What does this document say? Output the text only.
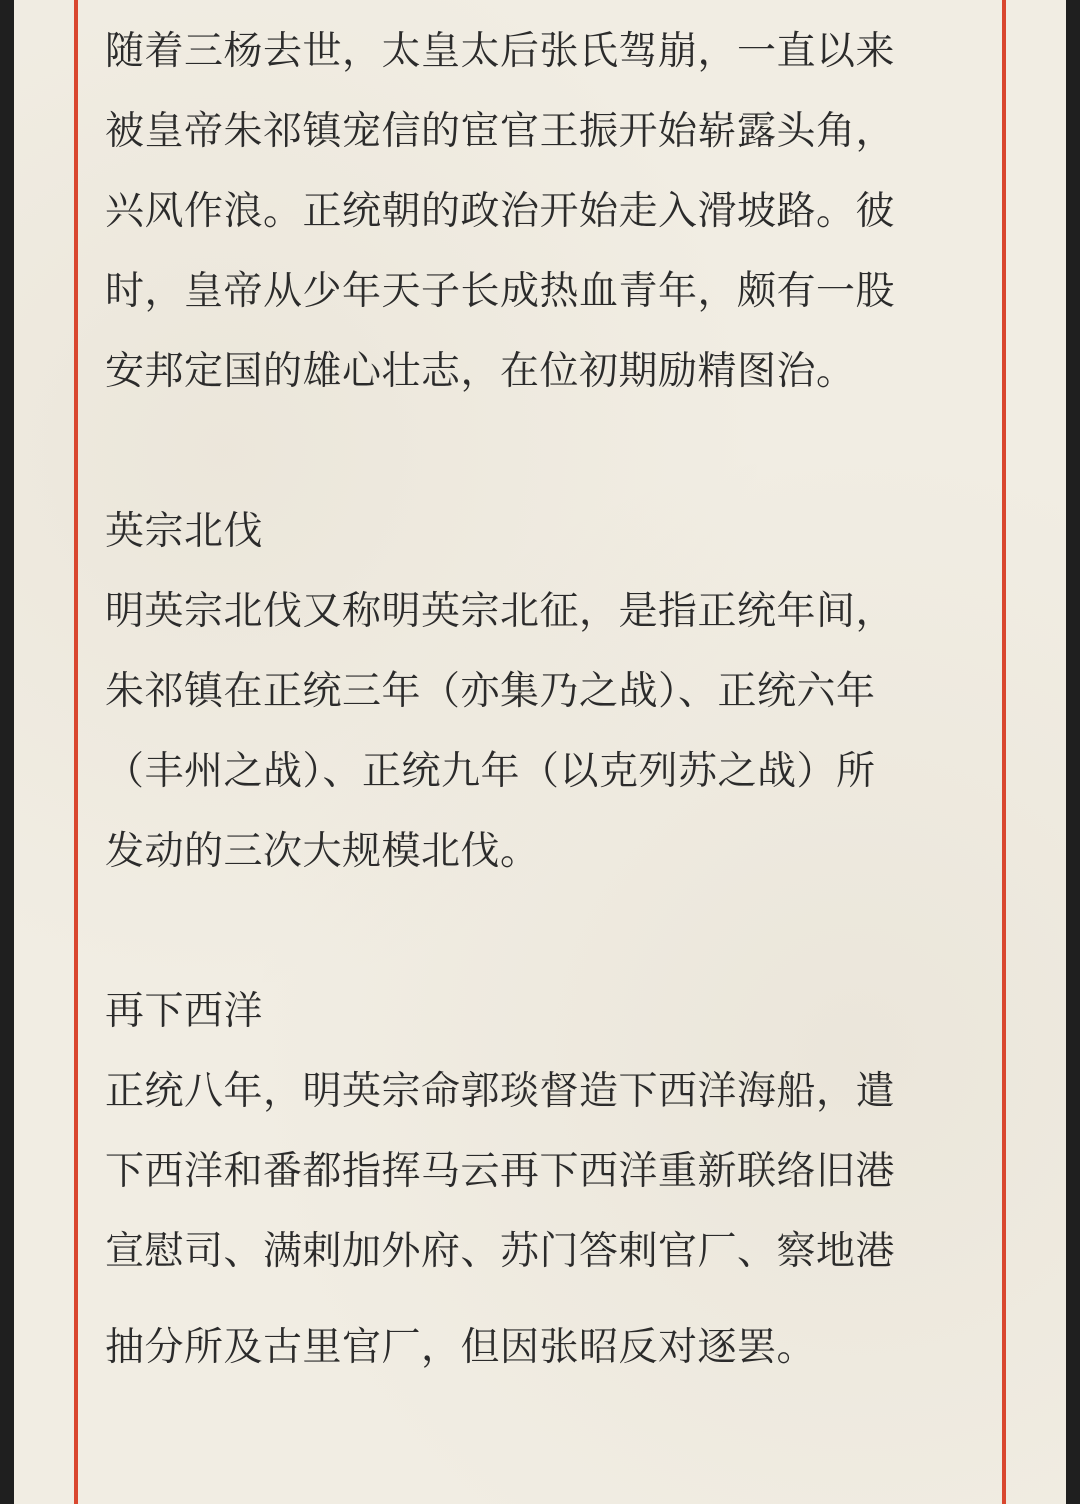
随着三杨去世，太皇太后张氏驾崩，一直以来
被皇帝朱祁镇宠信的宦官王振开始崭露头角，
兴风作浪。正统朝的政治开始走入滑坡路。彼
时，皇帝从少年天子长成热血青年，颇有一股
安邦定国的雄心壮志，在位初期励精图治。
英宗北伐
明英宗北伐又称明英宗北征，是指正统年间，
朱祁镇在正统三年（亦集乃之战）、正统六年
（丰州之战）、正统九年（以克列苏之战）所
发动的三次大规模北伐。
再下西洋
正统八年，明英宗命郭琰督造下西洋海船，遣
下西洋和番都指挥马云再下西洋重新联络旧港
宣慰司、满剌加外府、苏门答剌官厂、察地港
抽分所及古里官厂，但因张昭反对逐罢。
